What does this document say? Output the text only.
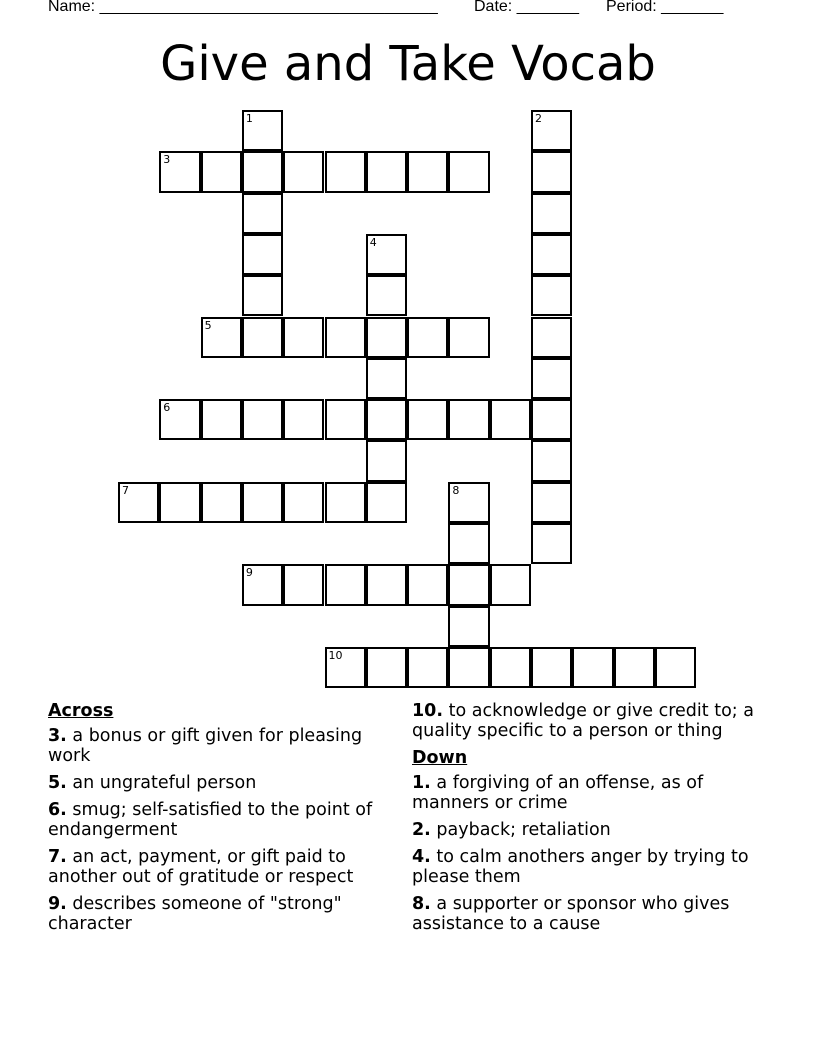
Name: ______________________________________ Date: _______ Period: _______
Give and Take Vocab
1	2
3
4
5
6
7	8
9
10
Across
3. a bonus or gift given for pleasing work
5. an ungrateful person
6. smug; self-satisfied to the point of endangerment
7. an act, payment, or gift paid to another out of gratitude or respect
9. describes someone of "strong" character
10. to acknowledge or give credit to; a quality specific to a person or thing
Down
1. a forgiving of an offense, as of manners or crime
2. payback; retaliation
4. to calm anothers anger by trying to please them
8. a supporter or sponsor who gives assistance to a cause
